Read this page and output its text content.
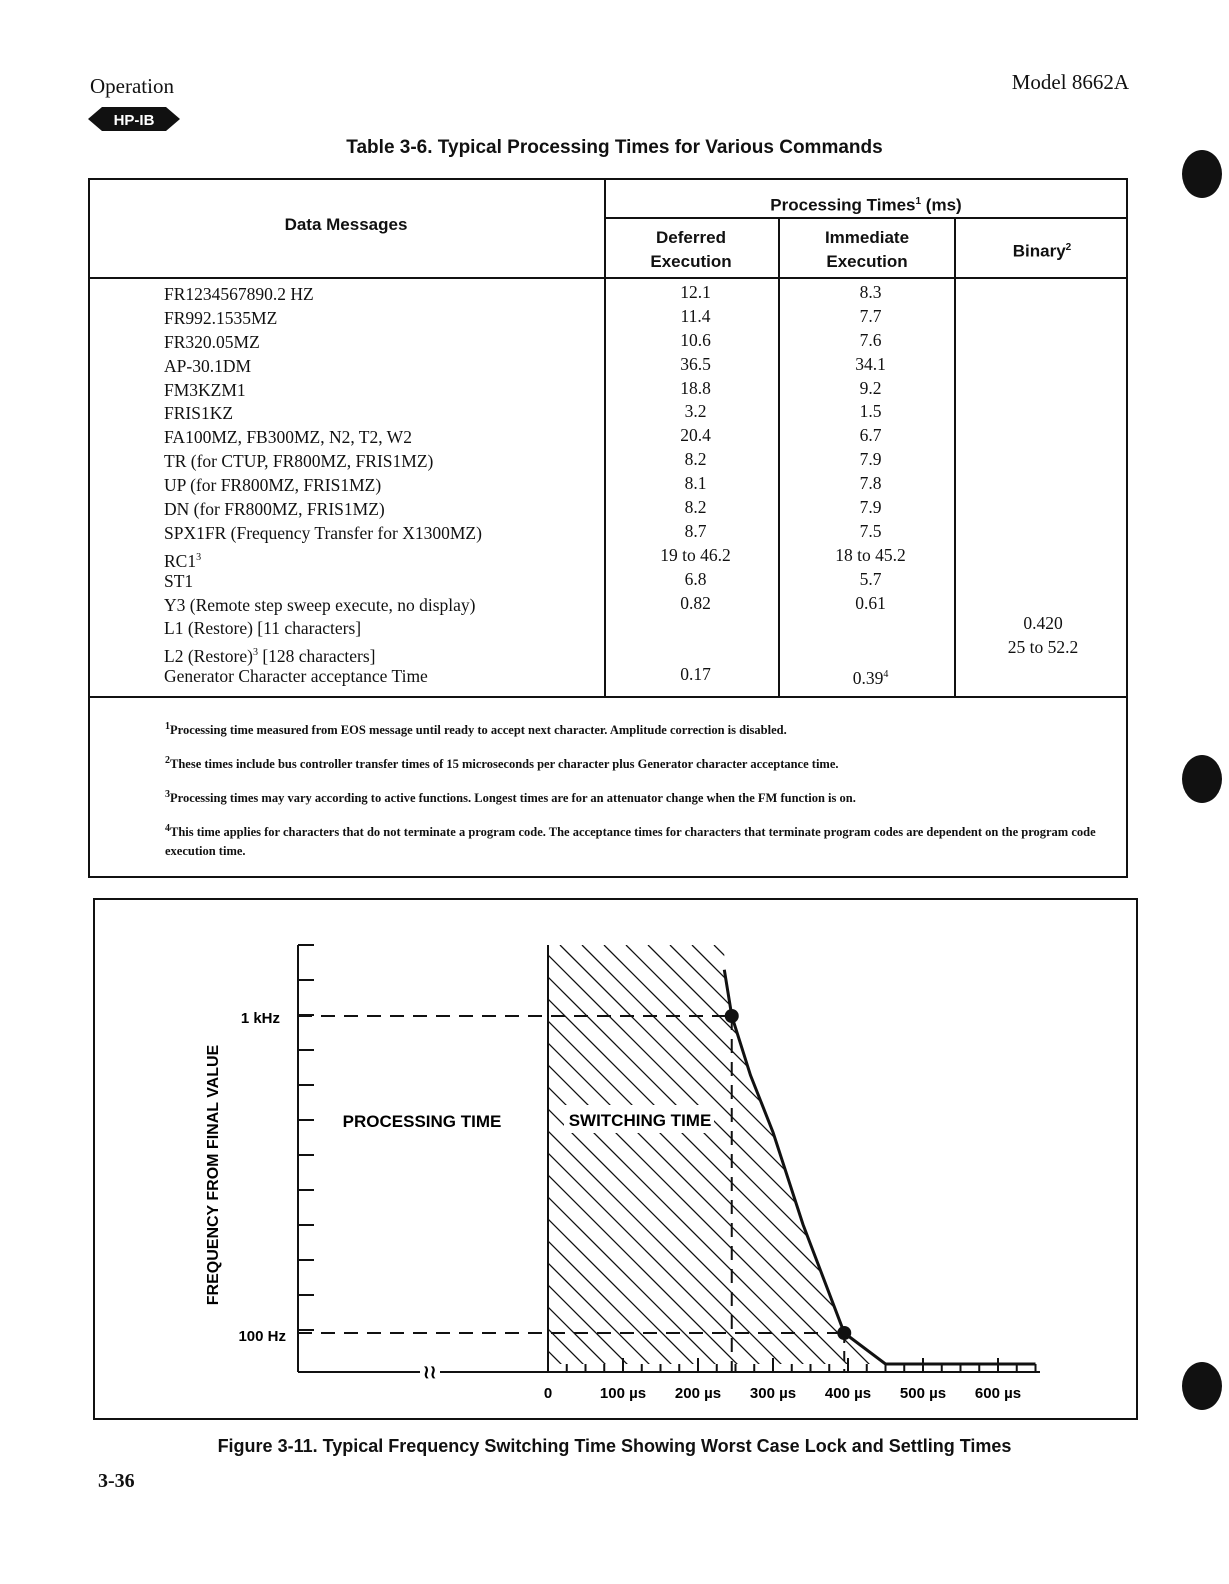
Operation
HP-IB
Model 8662A
Table 3-6. Typical Processing Times for Various Commands
Data Messages
Processing Times$^1$ (ms)
Deferred
Execution
Immediate
Execution
Binary$^2$
FR1234567890.2 HZ
FR992.1535MZ
FR320.05MZ
AP-30.1DM
FM3KZM1
FRIS1KZ
FA100MZ, FB300MZ, N2, T2, W2
TR (for CTUP, FR800MZ, FRIS1MZ)
UP (for FR800MZ, FRIS1MZ)
DN (for FR800MZ, FRIS1MZ)
SPX1FR (Frequency Transfer for X1300MZ)
$RC1^3$
ST1
Y3 (Remote step sweep execute, no display)
L1 (Restore) [11 characters]
L2 (Restore)$^3$ [128 characters]
Generator Character acceptance Time
12.1
11.4
10.6
36.5
18.8
3.2
20.4
8.2
8.1
8.2
8.7
19 to 46.2
6.8
0.82
0.17
8.3
7.7
7.6
34.1
9.2
1.5
6.7
7.9
7.8
7.9
7.5
18 to 45.2
5.7
0.61
0.39$^4$
0.420
25 to 52.2
$^1$Processing time measured from EOS message until ready to accept next character. Amplitude correction is disabled.
$^2$These times include bus controller transfer times of 15 microseconds per character plus Generator character acceptance time.
$^3$Processing times may vary according to active functions. Longest times are for an attenuator change when the FM function is on.
$^4$This time applies for characters that do not terminate a program code. The acceptance times for characters that terminate program codes are dependent on the program code execution time.
≀≀
1 kHz
100 Hz
PROCESSING TIME	SWITCHING TIME
FREQUENCY FROM FINAL VALUE
0	100 µs 200 µs 300 µs 400 µs 500 µs 600 µs
Figure 3-11. Typical Frequency Switching Time Showing Worst Case Lock and Settling Times
3-36
